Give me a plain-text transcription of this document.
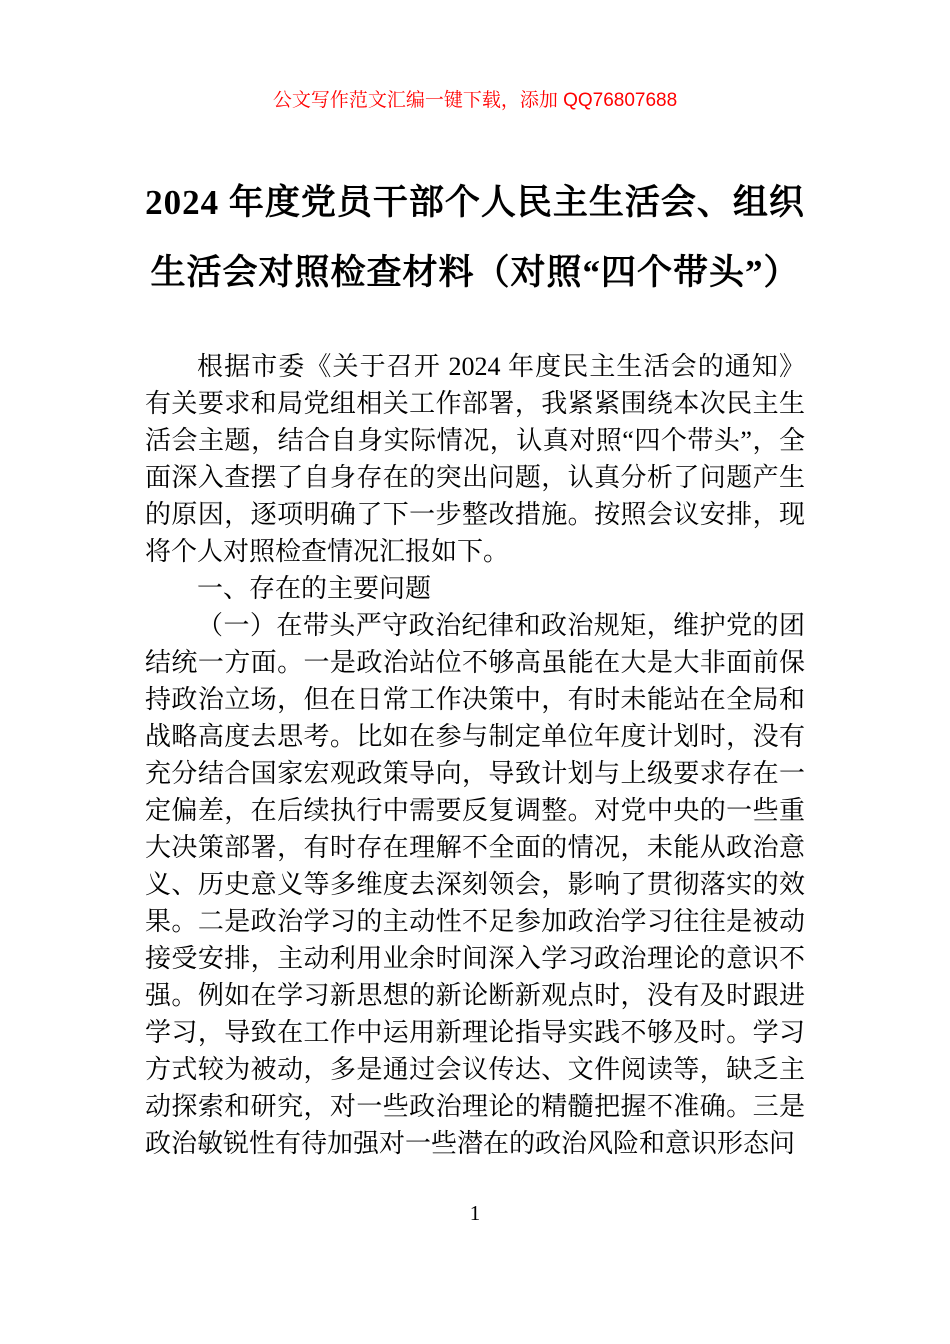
公文写作范文汇编一键下载，添加 QQ76807688
2024 年度党员干部个人民主生活会、组织生活会对照检查材料（对照“四个带头”）

根据市委《关于召开 2024 年度民主生活会的通知》有关要求和局党组相关工作部署，我紧紧围绕本次民主生活会主题，结合自身实际情况，认真对照“四个带头”，全面深入查摆了自身存在的突出问题，认真分析了问题产生的原因，逐项明确了下一步整改措施。按照会议安排，现将个人对照检查情况汇报如下。

一、存在的主要问题

（一）在带头严守政治纪律和政治规矩，维护党的团结统一方面。一是政治站位不够高虽能在大是大非面前保持政治立场，但在日常工作决策中，有时未能站在全局和战略高度去思考。比如在参与制定单位年度计划时，没有充分结合国家宏观政策导向，导致计划与上级要求存在一定偏差，在后续执行中需要反复调整。对党中央的一些重大决策部署，有时存在理解不全面的情况，未能从政治意义、历史意义等多维度去深刻领会，影响了贯彻落实的效果。二是政治学习的主动性不足参加政治学习往往是被动接受安排，主动利用业余时间深入学习政治理论的意识不强。例如在学习新思想的新论断新观点时，没有及时跟进学习，导致在工作中运用新理论指导实践不够及时。学习方式较为被动，多是通过会议传达、文件阅读等，缺乏主动探索和研究，对一些政治理论的精髓把握不准确。三是政治敏锐性有待加强对一些潜在的政治风险和意识形态问

1
